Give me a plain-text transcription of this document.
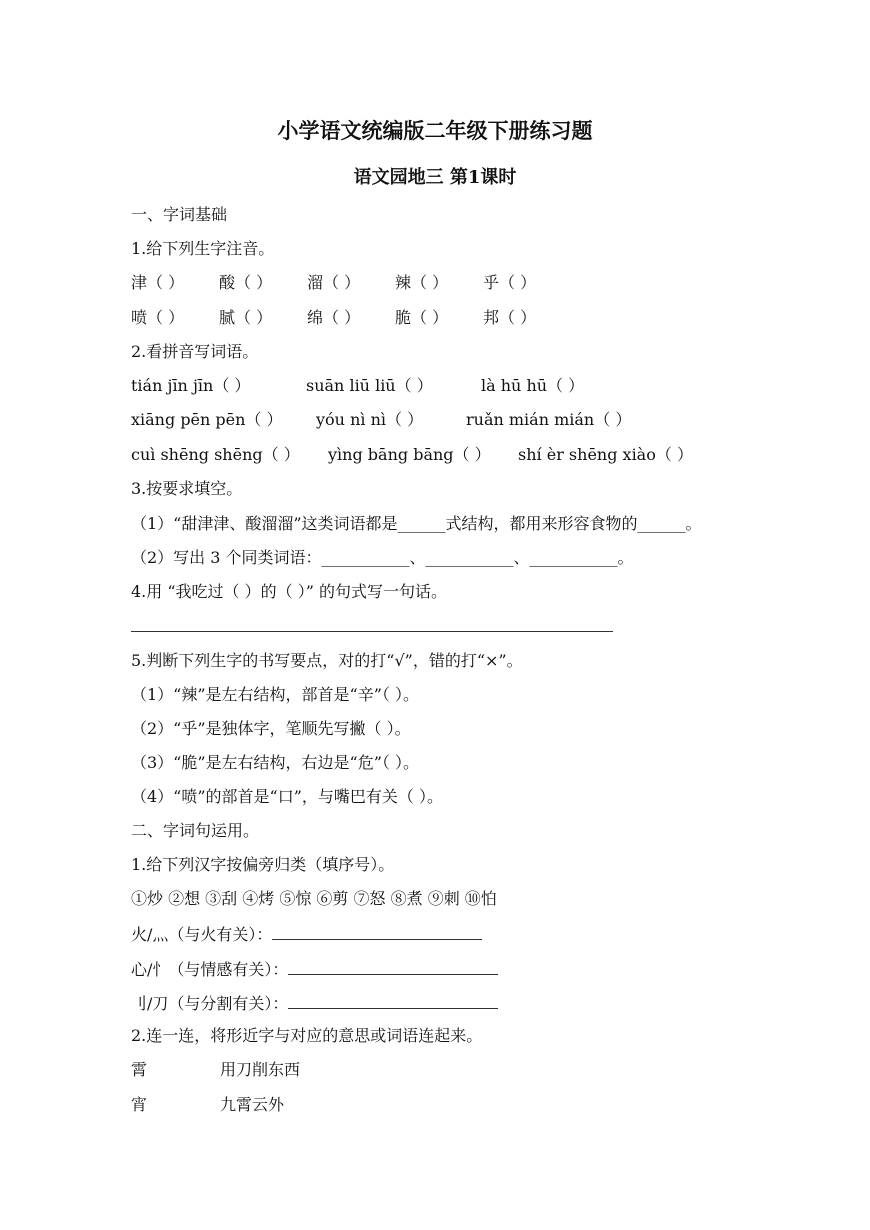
小学语文统编版二年级下册练习题
语文园地三 第1课时
一、字词基础
1.给下列生字注音。
津（ ） 酸（ ） 溜（ ） 辣（ ） 乎（ ）
喷（ ） 腻（ ） 绵（ ） 脆（ ） 邦（ ）
2.看拼音写词语。
tián jīn jīn（ ）	suān liū liū（ ）	là hū hū（ ）
xiāng pēn pēn（ ） yóu nì nì（ ）	ruǎn mián mián（ ）
cuì shēng shēng（ ） yìng bāng bāng（ ） shí èr shēng xiào（ ）
3.按要求填空。
（1）“甜津津、酸溜溜”这类词语都是______式结构，都用来形容食物的______。
（2）写出 3 个同类词语：___________、___________、___________。
4.用 “我吃过（ ）的（ ）” 的句式写一句话。
5.判断下列生字的书写要点，对的打“√”，错的打“×”。
（1）“辣”是左右结构，部首是“辛”（ ）。
（2）“乎”是独体字，笔顺先写撇（ ）。
（3）“脆”是左右结构，右边是“危”（ ）。
（4）“喷”的部首是“口”，与嘴巴有关（ ）。
二、字词句运用。
1.给下列汉字按偏旁归类（填序号）。
①炒 ②想 ③刮 ④烤 ⑤惊 ⑥剪 ⑦怒 ⑧煮 ⑨刺 ⑩怕
火/灬（与火有关）：
心/忄（与情感有关）：
刂/刀（与分割有关）：
2.连一连，将形近字与对应的意思或词语连起来。
霄	用刀削东西
宵	九霄云外
